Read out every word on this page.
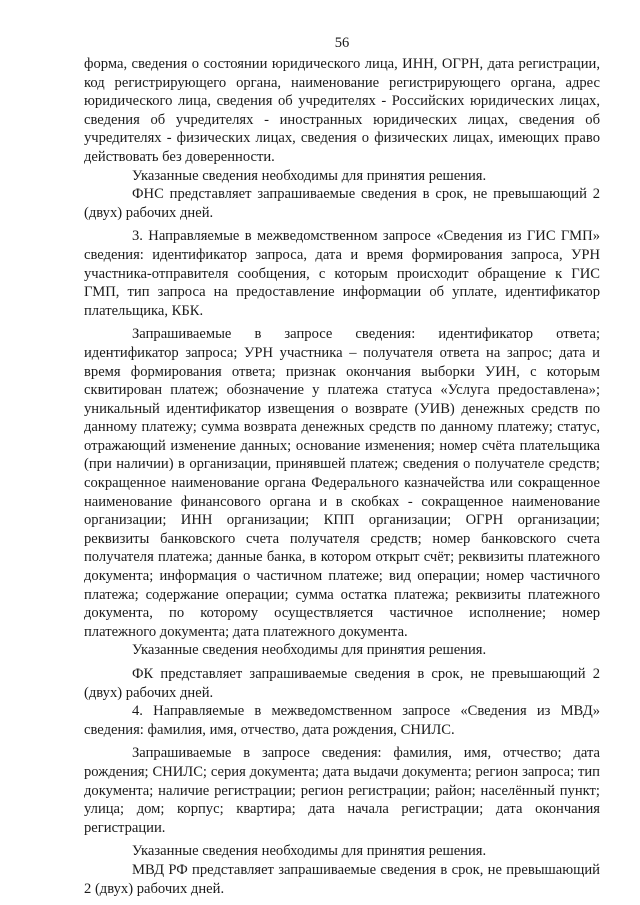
56

форма, сведения о состоянии юридического лица, ИНН, ОГРН, дата регистрации, код регистрирующего органа, наименование регистрирующего органа, адрес юридического лица, сведения об учредителях - Российских юридических лицах, сведения об учредителях - иностранных юридических лицах, сведения об учредителях - физических лицах, сведения о физических лицах, имеющих право действовать без доверенности.

Указанные сведения необходимы для принятия решения.

ФНС представляет запрашиваемые сведения в срок, не превышающий 2 (двух) рабочих дней.

3. Направляемые в межведомственном запросе «Сведения из ГИС ГМП» сведения: идентификатор запроса, дата и время формирования запроса, УРН участника-отправителя сообщения, с которым происходит обращение к ГИС ГМП, тип запроса на предоставление информации об уплате, идентификатор плательщика, КБК.

Запрашиваемые в запросе сведения: идентификатор ответа; идентификатор запроса; УРН участника – получателя ответа на запрос; дата и время формирования ответа; признак окончания выборки УИН, с которым сквитирован платеж; обозначение у платежа статуса «Услуга предоставлена»; уникальный идентификатор извещения о возврате (УИВ) денежных средств по данному платежу; сумма возврата денежных средств по данному платежу; статус, отражающий изменение данных; основание изменения; номер счёта плательщика (при наличии) в организации, принявшей платеж; сведения о получателе средств; сокращенное наименование органа Федерального казначейства или сокращенное наименование финансового органа и в скобках - сокращенное наименование организации; ИНН организации; КПП организации; ОГРН организации; реквизиты банковского счета получателя средств; номер банковского счета получателя платежа; данные банка, в котором открыт счёт; реквизиты платежного документа; информация о частичном платеже; вид операции; номер частичного платежа; содержание операции; сумма остатка платежа; реквизиты платежного документа, по которому осуществляется частичное исполнение; номер платежного документа; дата платежного документа.

Указанные сведения необходимы для принятия решения.

ФК представляет запрашиваемые сведения в срок, не превышающий 2 (двух) рабочих дней.

4. Направляемые в межведомственном запросе «Сведения из МВД» сведения: фамилия, имя, отчество, дата рождения, СНИЛС.

Запрашиваемые в запросе сведения: фамилия, имя, отчество; дата рождения; СНИЛС; серия документа; дата выдачи документа; регион запроса; тип документа; наличие регистрации; регион регистрации; район; населённый пункт; улица; дом; корпус; квартира; дата начала регистрации; дата окончания регистрации.

Указанные сведения необходимы для принятия решения.

МВД РФ представляет запрашиваемые сведения в срок, не превышающий 2 (двух) рабочих дней.
